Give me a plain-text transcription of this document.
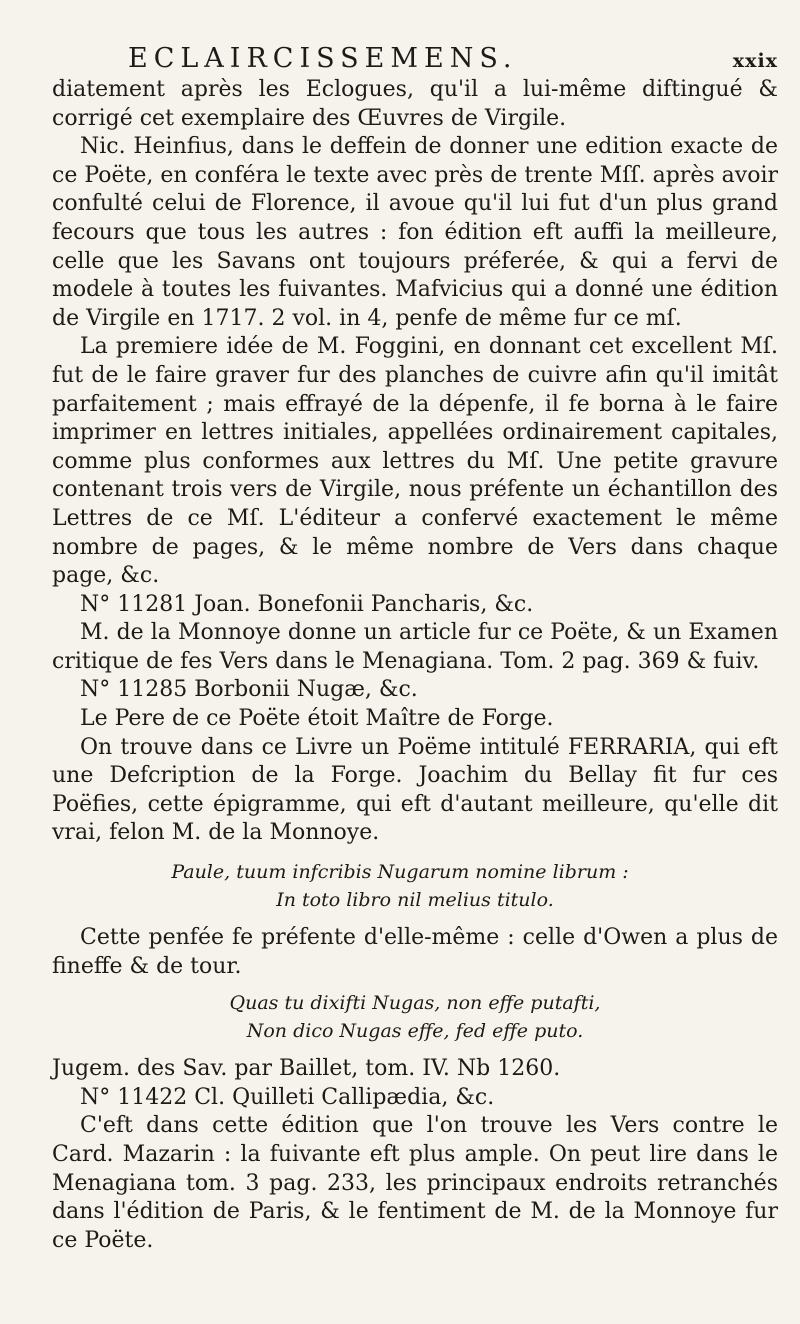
ECLAIRCISSEMENS.	xxix

diatement après les Eclogues, qu'il a lui-même diftingué & corrigé cet exemplaire des Œuvres de Virgile.

Nic. Heinfius, dans le deffein de donner une edition exacte de ce Poëte, en conféra le texte avec près de trente Mſſ. après avoir confulté celui de Florence, il avoue qu'il lui fut d'un plus grand fecours que tous les autres : fon édition eft auffi la meilleure, celle que les Savans ont toujours préferée, & qui a fervi de modele à toutes les fuivantes. Mafvicius qui a donné une édition de Virgile en 1717. 2 vol. in 4, penfe de même fur ce mſ.

La premiere idée de M. Foggini, en donnant cet excellent Mſ. fut de le faire graver fur des planches de cuivre afin qu'il imitât parfaitement ; mais effrayé de la dépenfe, il fe borna à le faire imprimer en lettres initiales, appellées ordinairement capitales, comme plus conformes aux lettres du Mſ. Une petite gravure contenant trois vers de Virgile, nous préfente un échantillon des Lettres de ce Mſ. L'éditeur a confervé exactement le même nombre de pages, & le même nombre de Vers dans chaque page, &c.

N° 11281 Joan. Bonefonii Pancharis, &c.

M. de la Monnoye donne un article fur ce Poëte, & un Examen critique de fes Vers dans le Menagiana. Tom. 2 pag. 369 & fuiv.

N° 11285 Borbonii Nugæ, &c.

Le Pere de ce Poëte étoit Maître de Forge.

On trouve dans ce Livre un Poëme intitulé FERRARIA, qui eft une Defcription de la Forge. Joachim du Bellay fit fur ces Poëfies, cette épigramme, qui eft d'autant meilleure, qu'elle dit vrai, felon M. de la Monnoye.

Paule, tuum infcribis Nugarum nomine librum :
In toto libro nil melius titulo.

Cette penfée fe préfente d'elle-même : celle d'Owen a plus de fineffe & de tour.

Quas tu dixifti Nugas, non effe putafti,
Non dico Nugas effe, fed effe puto.

Jugem. des Sav. par Baillet, tom. IV. Nb 1260.

N° 11422 Cl. Quilleti Callipædia, &c.

C'eft dans cette édition que l'on trouve les Vers contre le Card. Mazarin : la fuivante eft plus ample. On peut lire dans le Menagiana tom. 3 pag. 233, les principaux endroits retranchés dans l'édition de Paris, & le fentiment de M. de la Monnoye fur ce Poëte.
